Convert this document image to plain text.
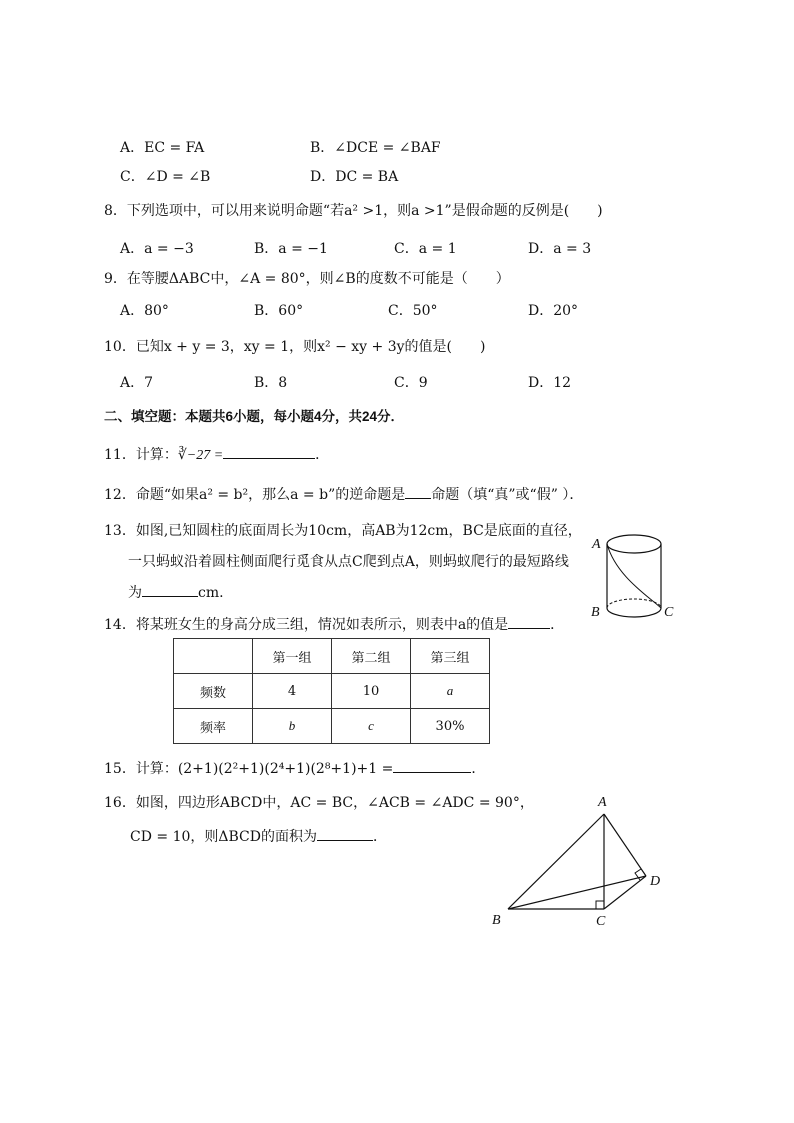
A．EC = FA	B．∠DCE = ∠BAF
C．∠D = ∠B	D．DC = BA
8．下列选项中，可以用来说明命题“若a² >1，则a >1”是假命题的反例是(　　)
A．a = −3	B．a = −1	C．a = 1	D．a = 3
9．在等腰ΔABC中，∠A = 80°，则∠B的度数不可能是（　　）
A．80°	B．60°	C．50°	D．20°
10．已知x + y = 3，xy = 1，则x² − xy + 3y的值是(　　)
A．7	B．8	C．9	D．12
二、填空题：本题共6小题，每小题4分，共24分．
11．计算：∛−27 =	．
12．命题“如果a² = b²，那么a = b”的逆命题是 命题（填“真”或“假” ）．
13．如图,已知圆柱的底面周长为10cm，高AB为12cm，BC是底面的直径，
一只蚂蚁沿着圆柱侧面爬行觅食从点C爬到点A，则蚂蚁爬行的最短路线
为	cm.
A
B	C
14．将某班女生的身高分成三组，情况如表所示，则表中a的值是	．
	第一组	第二组	第三组
频数	4	10	a
频率	b	c	30%
15．计算：(2+1)(2²+1)(2⁴+1)(2⁸+1)+1 =	．
16．如图，四边形ABCD中，AC = BC，∠ACB = ∠ADC = 90°，
CD = 10，则ΔBCD的面积为	．
A
B	C
D
